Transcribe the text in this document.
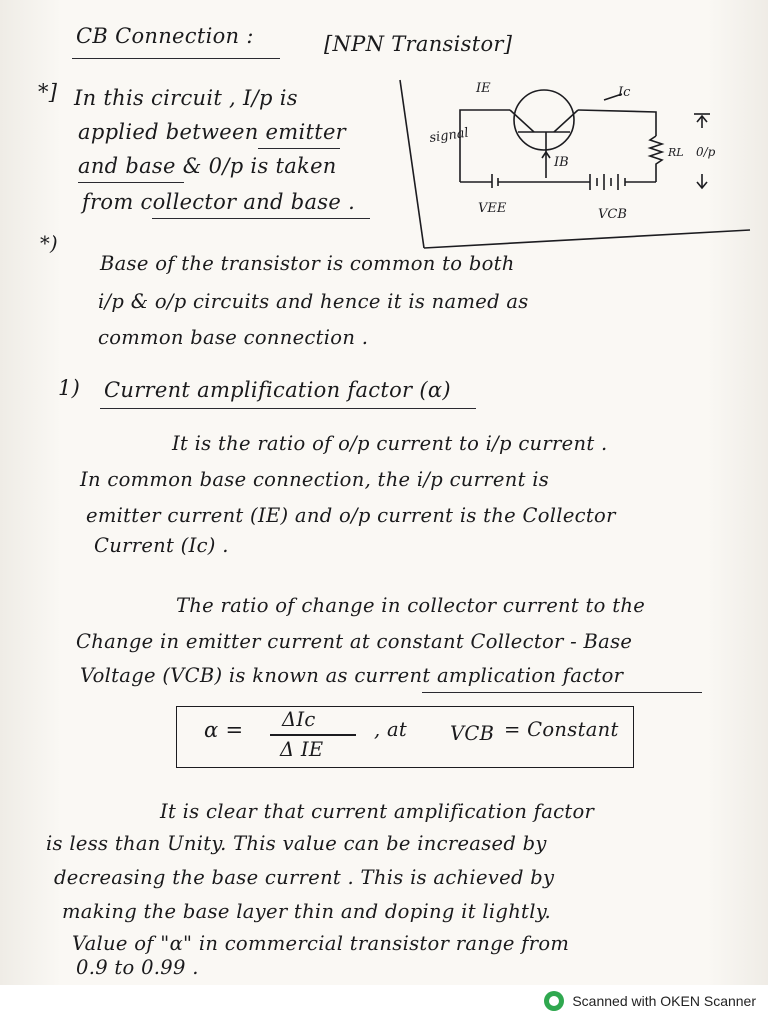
CB Connection :	[NPN Transistor]
*] In this circuit , I/p is
applied between emitter
and base & 0/p is taken
from collector and base .
IE	Ic
signal
IB
RL 0/p
VEE	VCB
*)
Base of the transistor is common to both
i/p & o/p circuits and hence it is named as
common base connection .
1) Current amplification factor (α)
It is the ratio of o/p current to i/p current .
In common base connection, the i/p current is
emitter current (IE) and o/p current is the Collector
Current (Ic) .
The ratio of change in collector current to the
Change in emitter current at constant Collector - Base
Voltage (VCB) is known as current amplication factor
α = ΔIc
Δ IE
, at VCB = Constant
It is clear that current amplification factor
is less than Unity. This value can be increased by
decreasing the base current . This is achieved by
making the base layer thin and doping it lightly.
Value of "α" in commercial transistor range from
0.9 to 0.99 .
Scanned with OKEN Scanner
